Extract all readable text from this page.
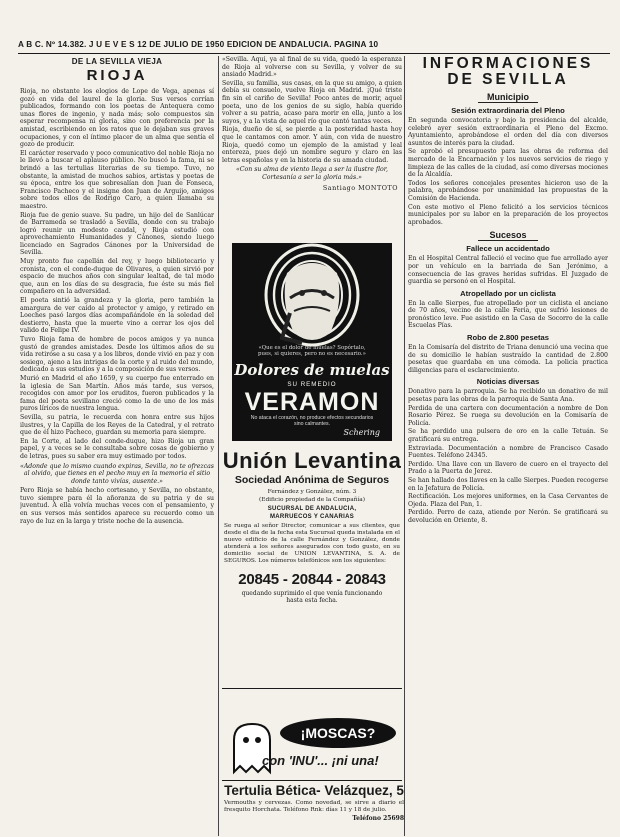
A B C. Nº 14.382. J U E V E S 12 DE JULIO DE 1950 EDICION DE ANDALUCIA. PAGINA 10
DE LA SEVILLA VIEJA
RIOJA

Rioja, no obstante los elogios de Lope de Vega, apenas sí gozó en vida del laurel de la gloria. Sus versos corrían publicados, formando con los poetas de Antequera como unas flores de ingenio, y nada más; solo compuestos sin esperar recompensa ni gloria, sino con preferencia por la amistad, escribiendo en los ratos que le dejaban sus graves ocupaciones, y con el íntimo placer de un alma que sentía el gozo de producir.

El carácter reservado y poco comunicativo del noble Rioja no le llevó a buscar el aplauso público. No buscó la fama, ni se brindó a las tertulias literarias de su tiempo. Tuvo, no obstante, la amistad de muchos sabios, artistas y poetas de su época, entre los que sobresalían don Juan de Fonseca, Francisco Pacheco y el insigne don Juan de Arguijo, amigos sobre todos ellos de Rodrigo Caro, a quien llamaba su maestro.

Rioja fue de genio suave. Su padre, un hijo del de Sanlúcar de Barrameda se trasladó a Sevilla, donde con su trabajo logró reunir un modesto caudal, y Rioja estudió con aprovechamiento Humanidades y Cánones, siendo luego licenciado en Sagrados Cánones por la Universidad de Sevilla.

Muy pronto fue capellán del rey, y luego bibliotecario y cronista, con el conde-duque de Olivares, a quien sirvió por espacio de muchos años con singular lealtad, de tal modo que, aun en los días de su desgracia, fue éste su más fiel compañero en la adversidad.

El poeta sintió la grandeza y la gloria, pero también la amargura de ver caído al protector y amigo, y retirado en Loeches pasó largos días acompañándole en la soledad del destierro, hasta que la muerte vino a cerrar los ojos del valido de Felipe IV.

Tuvo Rioja fama de hombre de pocos amigos y ya nunca gustó de grandes amistades. Desde los últimos años de su vida retiróse a su casa y a los libros, donde vivió en paz y con sosiego, ajeno a las intrigas de la corte y al ruido del mundo, dedicado a sus estudios y a la composición de sus versos.

Murió en Madrid el año 1659, y su cuerpo fue enterrado en la iglesia de San Martín. Años más tarde, sus versos, recogidos con amor por los eruditos, fueron publicados y la fama del poeta sevillano creció como la de uno de los más puros líricos de nuestra lengua.

Sevilla, su patria, le recuerda con honra entre sus hijos ilustres, y la Capilla de los Reyes de la Catedral, y el retrato que de él hizo Pacheco, guardan su memoria para siempre.

En la Corte, al lado del conde-duque, hizo Rioja un gran papel, y a veces se le consultaba sobre cosas de gobierno y de letras, pues su saber era muy estimado por todos.

«Adonde que lo mismo cuando expiras, Sevilla, no te ofrezcas al olvido, que tienes en el pecho muy en la memoria el sitio donde tanto vivías, ausente.»

Pero Rioja se había hecho cortesano, y Sevilla, no obstante, tuvo siempre para él la añoranza de su patria y de su juventud. A ella volvía muchas veces con el pensamiento, y en sus versos más sentidos aparece su recuerdo como un rayo de luz en la larga y triste noche de la ausencia.

«Sevilla. Aquí, ya al final de su vida, quedó la esperanza de Rioja al volverse con su Sevilla, y volver de su ansiado Madrid.»

Sevilla, su familia, sus casas, en la que su amigo, a quien debía su consuelo, vuelve Rioja en Madrid. ¡Qué triste fin sin el cariño de Sevilla! Poco antes de morir, aquel poeta, uno de los genios de su siglo, había querido volver a su patria, acaso para morir en ella, junto a los suyos, y a la vista de aquel río que cantó tantas veces.

Rioja, dueño de sí, se pierde a la posteridad hasta hoy que le cantamos con amor. Y aún, con vida de nuestro Rioja, quedó como un ejemplo de la amistad y leal entereza, pues dejó un nombre seguro y claro en las letras españolas y en la historia de su amada ciudad.

«Con su alma de viento llega a ser la ilustre flor, Cortesanía a ser la gloria más.»

Santiago MONTOTO
«Que es el dolor de muelas? Sopórtalo, pues, si quieres, pero no es necesario.»
Dolores de muelas
SU REMEDIO
VERAMON
No ataca el corazón, no produce efectos secundarios sino calmantes.
Schering
Unión Levantina
Sociedad Anónima de Seguros
Fernández y González, núm. 3
(Edificio propiedad de la Compañía)
SUCURSAL DE ANDALUCIA,
MARRUECOS Y CANARIAS
Se ruega al señor Director, comunicar a sus clientes, que desde el dia de la fecha esta Sucursal queda instalada en el nuevo edificio de la calle Fernández y González, donde atenderá a los señores asegurados con todo gusto, en su domicilio social de UNION LEVANTINA, S. A. de SEGUROS. Los números telefónicos son los siguientes:
20845 - 20844 - 20843
quedando suprimido el que venía funcionando
hasta esta fecha.
¡MOSCAS?
con 'INU'... ¡ni una!
Tertulia Bética- Velázquez, 5
Vermouths y cervezas. Como novedad, se sirve a diario el fresquito Horchata. Teléfono Rnk: días 11 y 18 de julio.
Teléfono 25698
INFORMACIONES
DE SEVILLA
Municipio
Sesión extraordinaria del Pleno

En segunda convocatoria y bajo la presidencia del alcalde, celebró ayer sesión extraordinaria el Pleno del Excmo. Ayuntamiento, aprobándose el orden del día con diversos asuntos de interés para la ciudad.

Se aprobó el presupuesto para las obras de reforma del mercado de la Encarnación y los nuevos servicios de riego y limpieza de las calles de la ciudad, así como diversas mociones de la Alcaldía.

Todos los señores concejales presentes hicieron uso de la palabra, aprobándose por unanimidad las propuestas de la Comisión de Hacienda.

Con este motivo el Pleno felicitó a los servicios técnicos municipales por su labor en la preparación de los proyectos aprobados.

Sucesos
Fallece un accidentado

En el Hospital Central falleció el vecino que fue arrollado ayer por un vehículo en la barriada de San Jerónimo, a consecuencia de las graves heridas sufridas. El Juzgado de guardia se personó en el Hospital.

Atropellado por un ciclista

En la calle Sierpes, fue atropellado por un ciclista el anciano de 70 años, vecino de la calle Feria, que sufrió lesiones de pronóstico leve. Fue asistido en la Casa de Socorro de la calle Escuelas Pías.

Robo de 2.800 pesetas

En la Comisaría del distrito de Triana denunció una vecina que de su domicilio le habían sustraído la cantidad de 2.800 pesetas que guardaba en una cómoda. La policía practica diligencias para el esclarecimiento.

Noticias diversas

Donativo para la parroquia. Se ha recibido un donativo de mil pesetas para las obras de la parroquia de Santa Ana.

Perdida de una cartera con documentación a nombre de Don Rosario Pérez. Se ruega su devolución en la Comisaría de Policía.

Se ha perdido una pulsera de oro en la calle Tetuán. Se gratificará su entrega.

Extraviada. Documentación a nombre de Francisco Casado Fuentes. Teléfono 24345.

Perdido. Una llave con un llavero de cuero en el trayecto del Prado a la Puerta de Jerez.

Se han hallado dos llaves en la calle Sierpes. Pueden recogerse en la Jefatura de Policía.

Rectificación. Los mejores uniformes, en la Casa Cervantes de Ojeda. Plaza del Pan, 1.

Perdido. Perro de caza, atiende por Nerón. Se gratificará su devolución en Oriente, 8.
